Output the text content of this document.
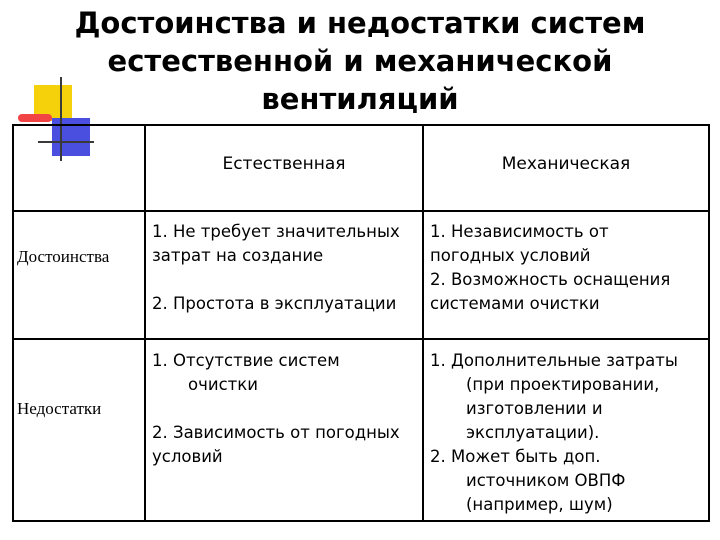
Достоинства и недостатки систем
естественной и механической
вентиляций
Естественная	Механическая
Достоинства
1. Не требует значительных
затрат на создание
2. Простота в эксплуатации
1. Независимость от
погодных условий
2. Возможность оснащения
системами очистки
Недостатки
1. Отсутствие систем
очистки
2. Зависимость от погодных
условий
1. Дополнительные затраты
(при проектировании,
изготовлении и
эксплуатации).
2. Может быть доп.
источником ОВПФ
(например, шум)
